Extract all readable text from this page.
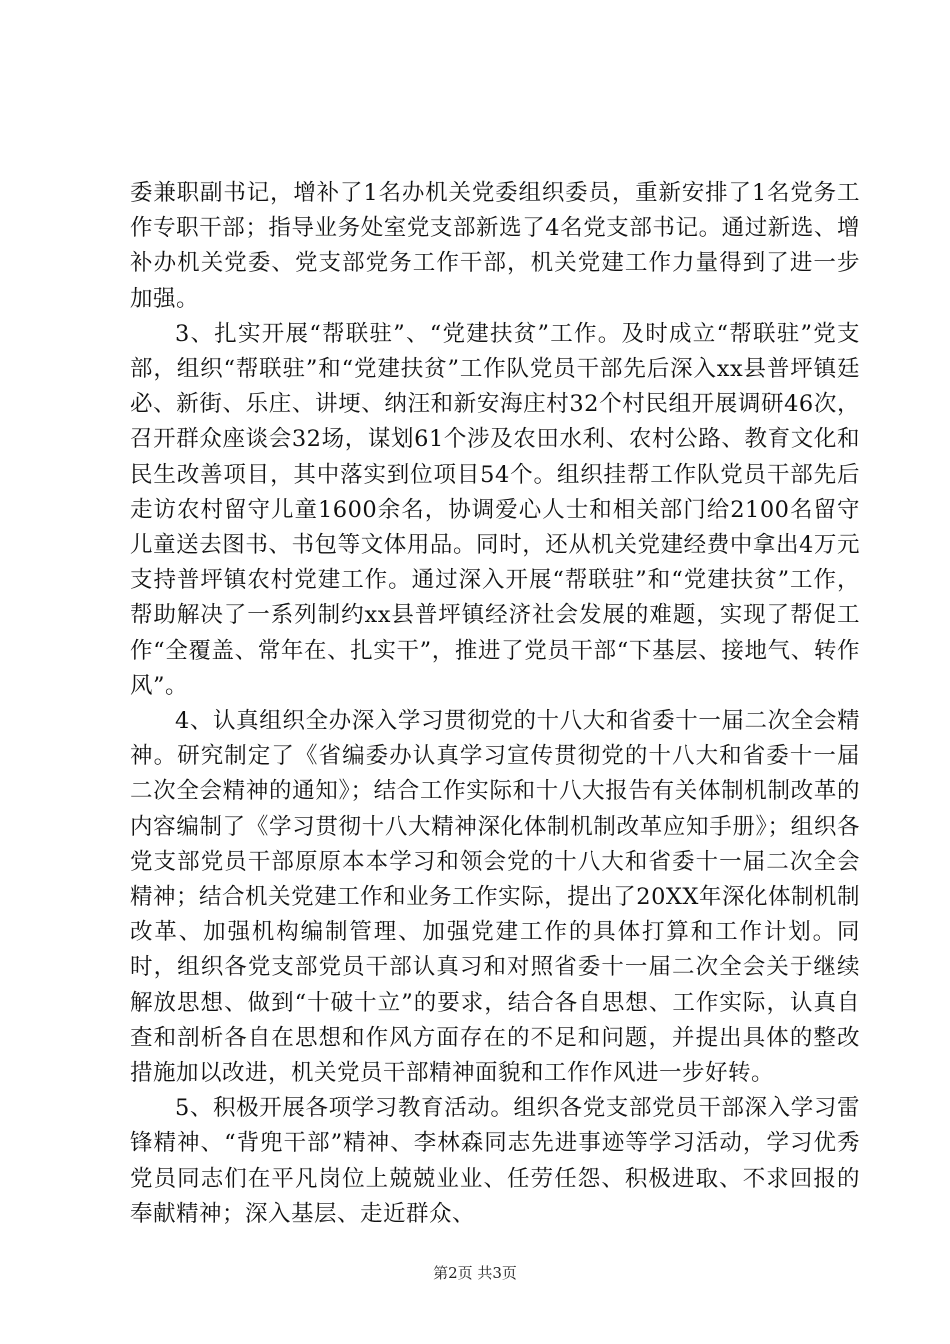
委兼职副书记，增补了1名办机关党委组织委员，重新安排了1名党务工作专职干部；指导业务处室党支部新选了4名党支部书记。通过新选、增补办机关党委、党支部党务工作干部，机关党建工作力量得到了进一步加强。

3、扎实开展“帮联驻”、“党建扶贫”工作。及时成立“帮联驻”党支部，组织“帮联驻”和“党建扶贫”工作队党员干部先后深入xx县普坪镇廷必、新街、乐庄、讲埂、纳汪和新安海庄村32个村民组开展调研46次，召开群众座谈会32场，谋划61个涉及农田水利、农村公路、教育文化和民生改善项目，其中落实到位项目54个。组织挂帮工作队党员干部先后走访农村留守儿童1600余名，协调爱心人士和相关部门给2100名留守儿童送去图书、书包等文体用品。同时，还从机关党建经费中拿出4万元支持普坪镇农村党建工作。通过深入开展“帮联驻”和“党建扶贫”工作，帮助解决了一系列制约xx县普坪镇经济社会发展的难题，实现了帮促工作“全覆盖、常年在、扎实干”，推进了党员干部“下基层、接地气、转作风”。

4、认真组织全办深入学习贯彻党的十八大和省委十一届二次全会精神。研究制定了《省编委办认真学习宣传贯彻党的十八大和省委十一届二次全会精神的通知》；结合工作实际和十八大报告有关体制机制改革的内容编制了《学习贯彻十八大精神深化体制机制改革应知手册》；组织各党支部党员干部原原本本学习和领会党的十八大和省委十一届二次全会精神；结合机关党建工作和业务工作实际，提出了20XX年深化体制机制改革、加强机构编制管理、加强党建工作的具体打算和工作计划。同时，组织各党支部党员干部认真习和对照省委十一届二次全会关于继续解放思想、做到“十破十立”的要求，结合各自思想、工作实际，认真自查和剖析各自在思想和作风方面存在的不足和问题，并提出具体的整改措施加以改进，机关党员干部精神面貌和工作作风进一步好转。

5、积极开展各项学习教育活动。组织各党支部党员干部深入学习雷锋精神、“背兜干部”精神、李林森同志先进事迹等学习活动，学习优秀党员同志们在平凡岗位上兢兢业业、任劳任怨、积极进取、不求回报的奉献精神；深入基层、走近群众、

第2页 共3页
